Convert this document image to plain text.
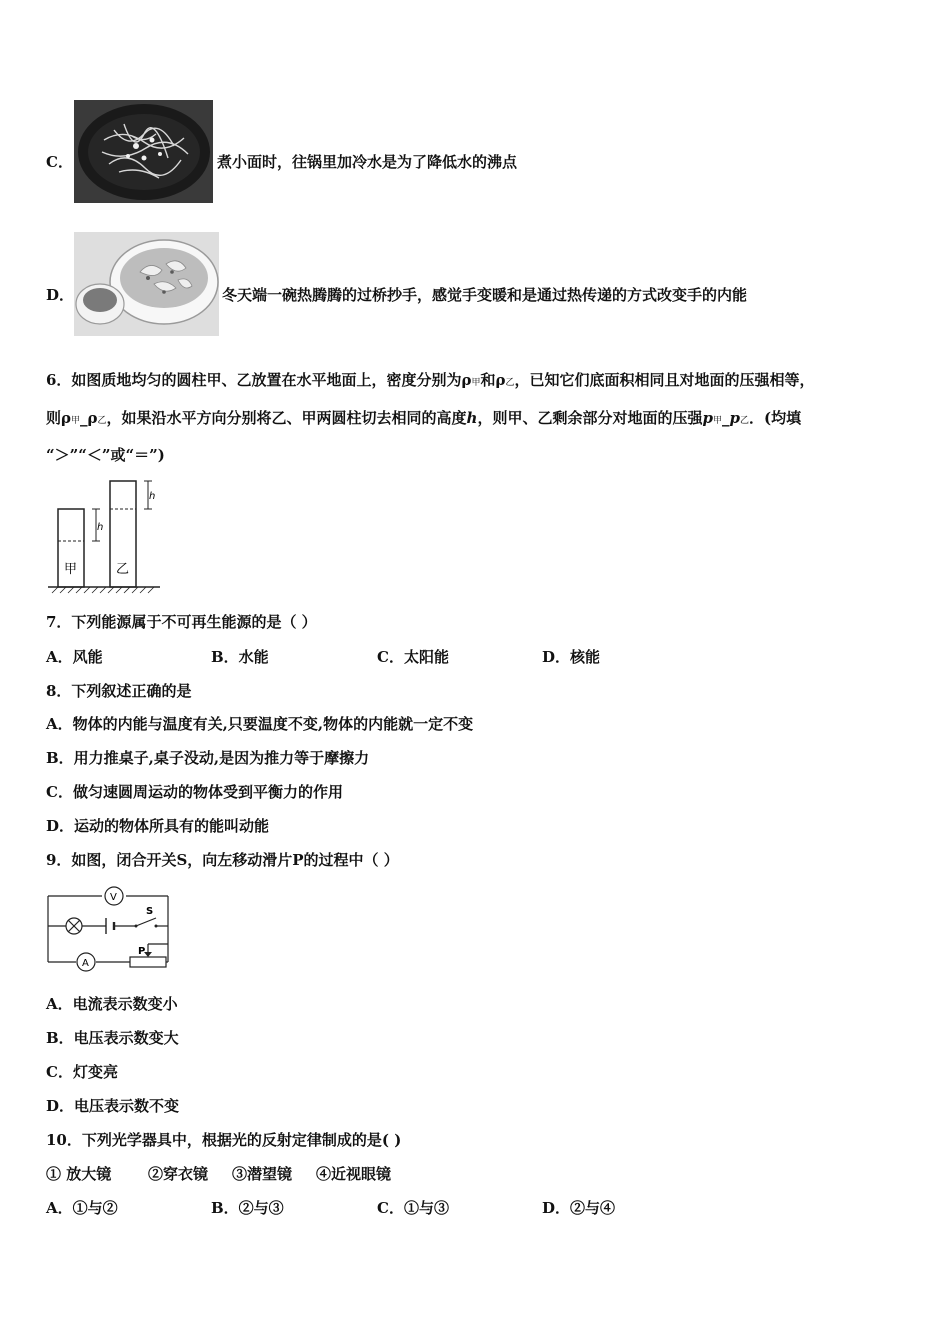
C．	煮小面时，往锅里加冷水是为了降低水的沸点
D．	冬天端一碗热腾腾的过桥抄手，感觉手变暖和是通过热传递的方式改变手的内能
6．如图质地均匀的圆柱甲、乙放置在水平地面上，密度分别为ρ甲和ρ乙，已知它们底面积相同且对地面的压强相等，
则ρ甲_ρ乙，如果沿水平方向分别将乙、甲两圆柱切去相同的高度h，则甲、乙剩余部分对地面的压强p甲_p乙．(均填
“＞”“＜”或“＝”)
h
h
甲	乙
7．下列能源属于不可再生能源的是（ ）
A．风能	B．水能	C．太阳能	D．核能
8．下列叙述正确的是
A．物体的内能与温度有关,只要温度不变,物体的内能就一定不变
B．用力推桌子,桌子没动,是因为推力等于摩擦力
C．做匀速圆周运动的物体受到平衡力的作用
D．运动的物体所具有的能叫动能
9．如图，闭合开关S，向左移动滑片P的过程中（ ）
V
S
A
P
A．电流表示数变小
B．电压表示数变大
C．灯变亮
D．电压表示数不变
10．下列光学器具中，根据光的反射定律制成的是( )
① 放大镜 ②穿衣镜 ③潜望镜 ④近视眼镜
A．①与②	B．②与③	C．①与③	D．②与④
